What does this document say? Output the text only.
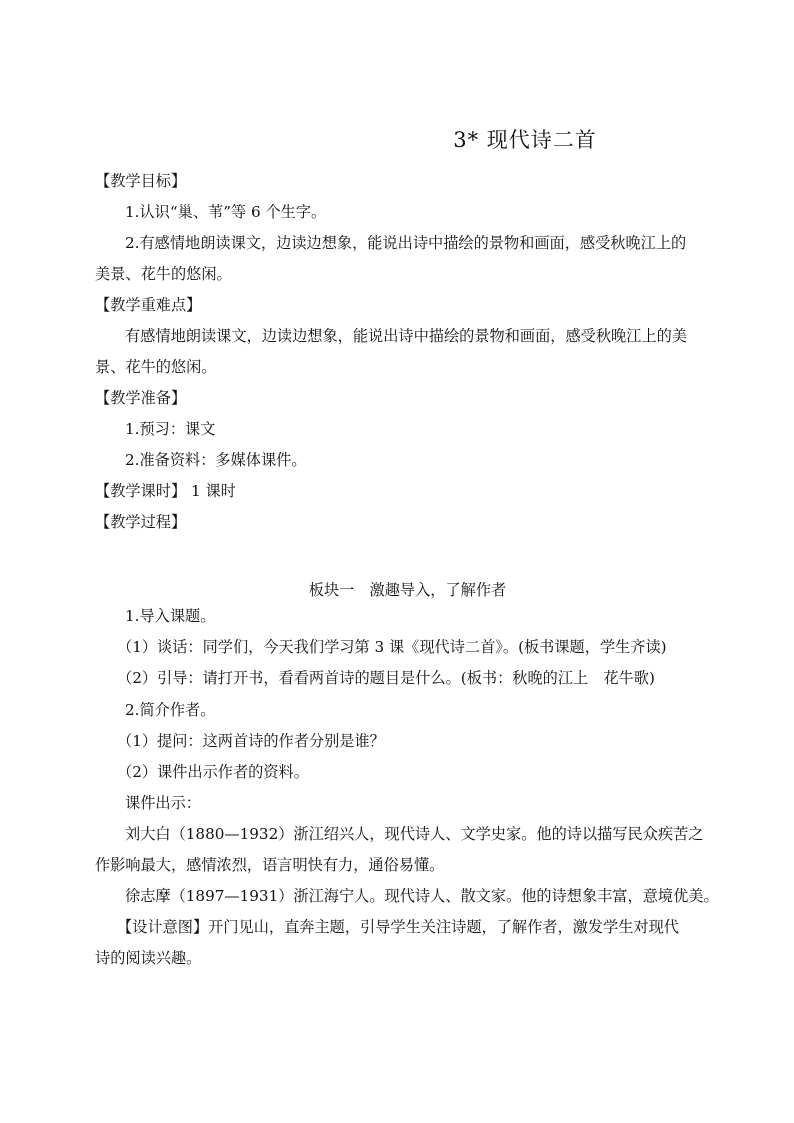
3* 现代诗二首
【教学目标】
1.认识“巢、苇”等 6 个生字。
2.有感情地朗读课文，边读边想象，能说出诗中描绘的景物和画面，感受秋晚江上的
美景、花牛的悠闲。
【教学重难点】
有感情地朗读课文，边读边想象，能说出诗中描绘的景物和画面，感受秋晚江上的美
景、花牛的悠闲。
【教学准备】
1.预习：课文
2.准备资料：多媒体课件。
【教学课时】 1 课时
【教学过程】
板块一　激趣导入，了解作者
1.导入课题。
（1）谈话：同学们，今天我们学习第 3 课《现代诗二首》。(板书课题，学生齐读)
（2）引导：请打开书，看看两首诗的题目是什么。(板书：秋晚的江上　花牛歌)
2.简介作者。
（1）提问：这两首诗的作者分别是谁？
（2）课件出示作者的资料。
课件出示：
刘大白（1880—1932）浙江绍兴人，现代诗人、文学史家。他的诗以描写民众疾苦之
作影响最大，感情浓烈，语言明快有力，通俗易懂。
徐志摩（1897—1931）浙江海宁人。现代诗人、散文家。他的诗想象丰富，意境优美。
【设计意图】开门见山，直奔主题，引导学生关注诗题，了解作者，激发学生对现代
诗的阅读兴趣。
